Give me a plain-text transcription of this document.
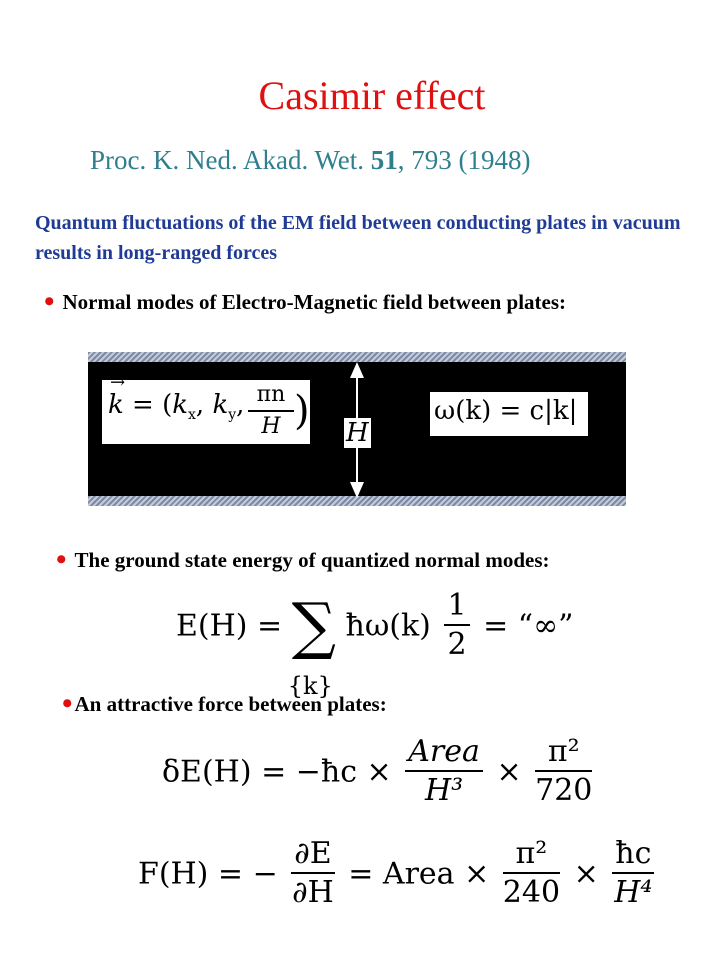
Casimir effect
Proc. K. Ned. Akad. Wet. 51, 793 (1948)
Quantum fluctuations of the EM field between conducting plates in vacuum results in long-ranged forces
• Normal modes of Electro-Magnetic field between plates:
→ $k = (k_x$, $k_y$, $\frac{\pi n}{H}$ ) H
ω(k) = c|k|
• The ground state energy of quantized normal modes:
E(H) = ∑
{k}
ħω(k) $\frac{1}{2}$ = “∞”
•An attractive force between plates:
δE(H) = −ħc × $\frac{\text{Area}}{\text{H³}} \times \frac{\text{π²}}{720}$
F(H) = − $\frac{\partial E}{\partial H}$ = Area × $\frac{\text{π²}}{240} \times \frac{ħc}{\text{H⁴}}$
